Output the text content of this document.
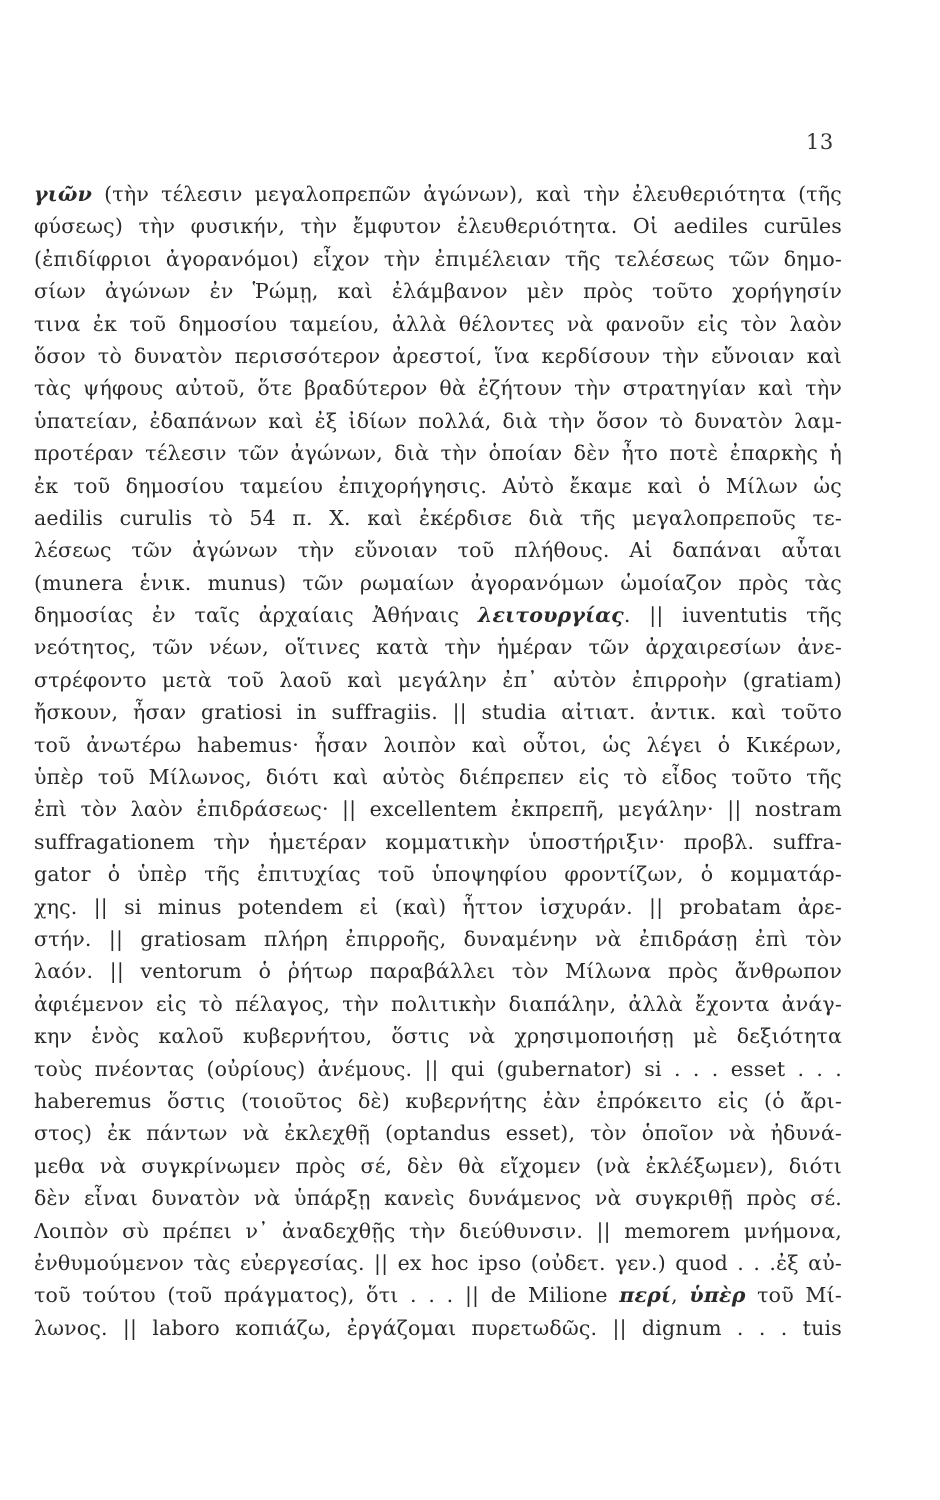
13
γιῶν (τὴν τέλεσιν μεγαλοπρεπῶν ἀγώνων), καὶ τὴν ἐλευθεριότητα (τῆς
φύσεως) τὴν φυσικήν, τὴν ἔμφυτον ἐλευθεριότητα. Οἱ aediles curūles
(ἐπιδίφριοι ἀγορανόμοι) εἶχον τὴν ἐπιμέλειαν τῆς τελέσεως τῶν δημο-
σίων ἀγώνων ἐν Ῥώμῃ, καὶ ἐλάμβανον μὲν πρὸς τοῦτο χορήγησίν
τινα ἐκ τοῦ δημοσίου ταμείου, ἀλλὰ θέλοντες νὰ φανοῦν εἰς τὸν λαὸν
ὅσον τὸ δυνατὸν περισσότερον ἀρεστοί, ἵνα κερδίσουν τὴν εὔνοιαν καὶ
τὰς ψήφους αὐτοῦ, ὅτε βραδύτερον θὰ ἐζήτουν τὴν στρατηγίαν καὶ τὴν
ὑπατείαν, ἐδαπάνων καὶ ἐξ ἰδίων πολλά, διὰ τὴν ὅσον τὸ δυνατὸν λαμ-
προτέραν τέλεσιν τῶν ἀγώνων, διὰ τὴν ὁποίαν δὲν ἦτο ποτὲ ἐπαρκὴς ἡ
ἐκ τοῦ δημοσίου ταμείου ἐπιχορήγησις. Αὐτὸ ἔκαμε καὶ ὁ Μίλων ὡς
aedilis curulis τὸ 54 π. Χ. καὶ ἐκέρδισε διὰ τῆς μεγαλοπρεποῦς τε-
λέσεως τῶν ἀγώνων τὴν εὔνοιαν τοῦ πλήθους. Αἱ δαπάναι αὗται
(munera ἑνικ. munus) τῶν ρωμαίων ἀγορανόμων ὡμοίαζον πρὸς τὰς
δημοσίας ἐν ταῖς ἀρχαίαις Ἀθήναις λειτουργίας. || iuventutis τῆς
νεότητος, τῶν νέων, οἵτινες κατὰ τὴν ἡμέραν τῶν ἀρχαιρεσίων ἀνε-
στρέφοντο μετὰ τοῦ λαοῦ καὶ μεγάλην ἐπ᾽ αὐτὸν ἐπιρροὴν (gratiam)
ἤσκουν, ἦσαν gratiosi in suffragiis. || studia αἰτιατ. ἀντικ. καὶ τοῦτο
τοῦ ἀνωτέρω habemus· ἦσαν λοιπὸν καὶ οὗτοι, ὡς λέγει ὁ Κικέρων,
ὑπὲρ τοῦ Μίλωνος, διότι καὶ αὐτὸς διέπρεπεν εἰς τὸ εἶδος τοῦτο τῆς
ἐπὶ τὸν λαὸν ἐπιδράσεως· || excellentem ἐκπρεπῆ, μεγάλην· || nostram
suffragationem τὴν ἡμετέραν κομματικὴν ὑποστήριξιν· προβλ. suffra-
gator ὁ ὑπὲρ τῆς ἐπιτυχίας τοῦ ὑποψηφίου φροντίζων, ὁ κομματάρ-
χης. || si minus potendem εἰ (καὶ) ἧττον ἰσχυράν. || probatam ἀρε-
στήν. || gratiosam πλήρη ἐπιρροῆς, δυναμένην νὰ ἐπιδράσῃ ἐπὶ τὸν
λαόν. || ventorum ὁ ῥήτωρ παραβάλλει τὸν Μίλωνα πρὸς ἄνθρωπον
ἀφιέμενον εἰς τὸ πέλαγος, τὴν πολιτικὴν διαπάλην, ἀλλὰ ἔχοντα ἀνάγ-
κην ἑνὸς καλοῦ κυβερνήτου, ὅστις νὰ χρησιμοποιήσῃ μὲ δεξιότητα
τοὺς πνέοντας (οὐρίους) ἀνέμους. || qui (gubernator) si . . . esset . . .
haberemus ὅστις (τοιοῦτος δὲ) κυβερνήτης ἐὰν ἐπρόκειτο εἰς (ὁ ἄρι-
στος) ἐκ πάντων νὰ ἐκλεχθῇ (optandus esset), τὸν ὁποῖον νὰ ἠδυνά-
μεθα νὰ συγκρίνωμεν πρὸς σέ, δὲν θὰ εἴχομεν (νὰ ἐκλέξωμεν), διότι
δὲν εἶναι δυνατὸν νὰ ὑπάρξῃ κανεὶς δυνάμενος νὰ συγκριθῇ πρὸς σέ.
Λοιπὸν σὺ πρέπει ν᾽ ἀναδεχθῇς τὴν διεύθυνσιν. || memorem μνήμονα,
ἐνθυμούμενον τὰς εὐεργεσίας. || ex hoc ipso (οὐδετ. γεν.) quod . . .ἐξ αὐ-
τοῦ τούτου (τοῦ πράγματος), ὅτι . . . || de Milione περί, ὑπὲρ τοῦ Μί-
λωνος. || laboro κοπιάζω, ἐργάζομαι πυρετωδῶς. || dignum . . . tuis
